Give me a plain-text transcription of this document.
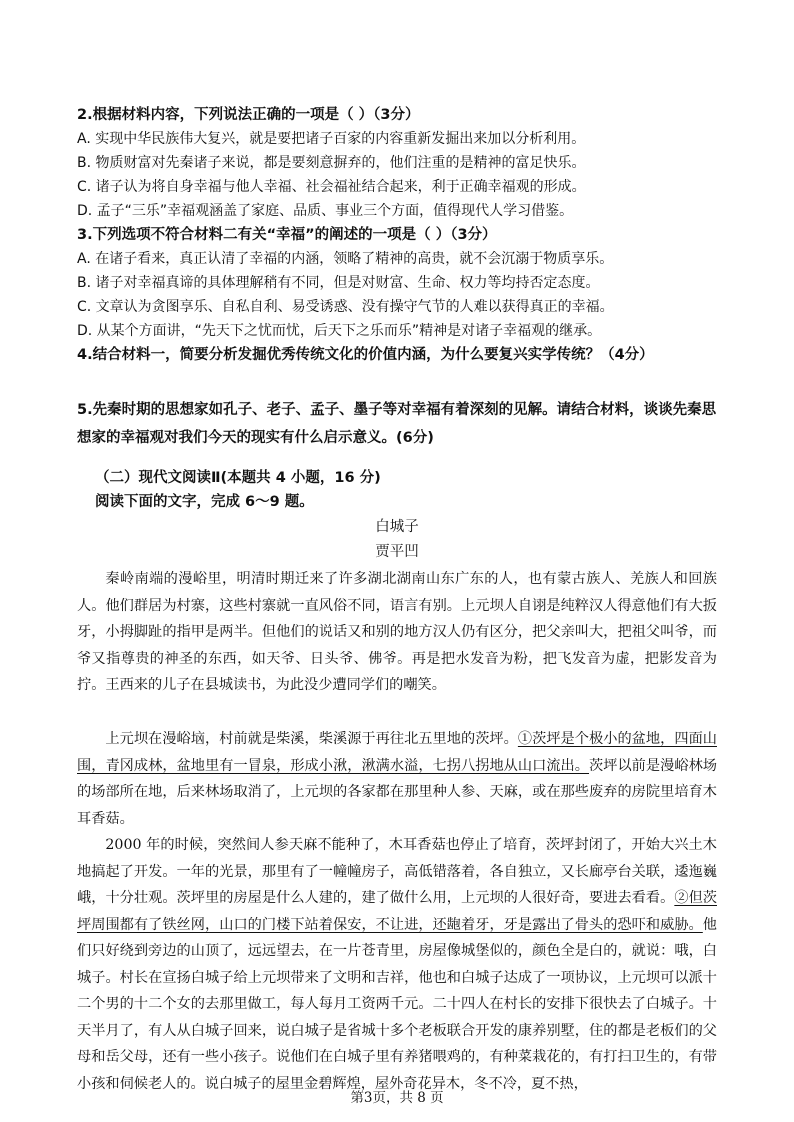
2.根据材料内容，下列说法正确的一项是（ ）（3分）
A. 实现中华民族伟大复兴，就是要把诸子百家的内容重新发掘出来加以分析利用。
B. 物质财富对先秦诸子来说，都是要刻意摒弃的，他们注重的是精神的富足快乐。
C. 诸子认为将自身幸福与他人幸福、社会福祉结合起来，利于正确幸福观的形成。
D. 孟子“三乐”幸福观涵盖了家庭、品质、事业三个方面，值得现代人学习借鉴。
3.下列选项不符合材料二有关“幸福”的阐述的一项是（ ）（3分）
A. 在诸子看来，真正认清了幸福的内涵，领略了精神的高贵，就不会沉溺于物质享乐。
B. 诸子对幸福真谛的具体理解稍有不同，但是对财富、生命、权力等均持否定态度。
C. 文章认为贪图享乐、自私自利、易受诱惑、没有操守气节的人难以获得真正的幸福。
D. 从某个方面讲，“先天下之忧而忧，后天下之乐而乐”精神是对诸子幸福观的继承。
4.结合材料一，简要分析发掘优秀传统文化的价值内涵，为什么要复兴实学传统？（4分）
5.先秦时期的思想家如孔子、老子、孟子、墨子等对幸福有着深刻的见解。请结合材料，谈谈先秦思想家的幸福观对我们今天的现实有什么启示意义。(6分)
（二）现代文阅读Ⅱ(本题共 4 小题，16 分)
阅读下面的文字，完成 6～9 题。
白城子
贾平凹

秦岭南端的漫峪里，明清时期迁来了许多湖北湖南山东广东的人，也有蒙古族人、羌族人和回族人。他们群居为村寨，这些村寨就一直风俗不同，语言有别。上元坝人自诩是纯粹汉人得意他们有大扳牙，小拇脚趾的指甲是两半。但他们的说话又和别的地方汉人仍有区分，把父亲叫大，把祖父叫爷，而爷又指尊贵的神圣的东西，如天爷、日头爷、佛爷。再是把水发音为粉，把飞发音为虚，把影发音为拧。王西来的儿子在县城读书，为此没少遭同学们的嘲笑。

上元坝在漫峪垴，村前就是柴溪，柴溪源于再往北五里地的茨坪。①茨坪是个极小的盆地，四面山围，青冈成林，盆地里有一冒泉，形成小湫，湫满水溢，七拐八拐地从山口流出。茨坪以前是漫峪林场的场部所在地，后来林场取消了，上元坝的各家都在那里种人参、天麻，或在那些废弃的房院里培育木耳香菇。

2000 年的时候，突然间人参天麻不能种了，木耳香菇也停止了培育，茨坪封闭了，开始大兴土木地搞起了开发。一年的光景，那里有了一幢幢房子，高低错落着，各自独立，又长廊亭台关联，逶迤巍峨，十分壮观。茨坪里的房屋是什么人建的，建了做什么用，上元坝的人很好奇，要进去看看。②但茨坪周围都有了铁丝网，山口的门楼下站着保安，不让进，还龅着牙，牙是露出了骨头的恐吓和威胁。他们只好绕到旁边的山顶了，远远望去，在一片苍青里，房屋像城堡似的，颜色全是白的，就说：哦，白城子。村长在宣扬白城子给上元坝带来了文明和吉祥，他也和白城子达成了一项协议，上元坝可以派十二个男的十二个女的去那里做工，每人每月工资两千元。二十四人在村长的安排下很快去了白城子。十天半月了，有人从白城子回来，说白城子是省城十多个老板联合开发的康养别墅，住的都是老板们的父母和岳父母，还有一些小孩子。说他们在白城子里有养猪喂鸡的，有种菜栽花的，有打扫卫生的，有带小孩和伺候老人的。说白城子的屋里金碧辉煌，屋外奇花异木，冬不冷，夏不热，

第3页，共 8 页
